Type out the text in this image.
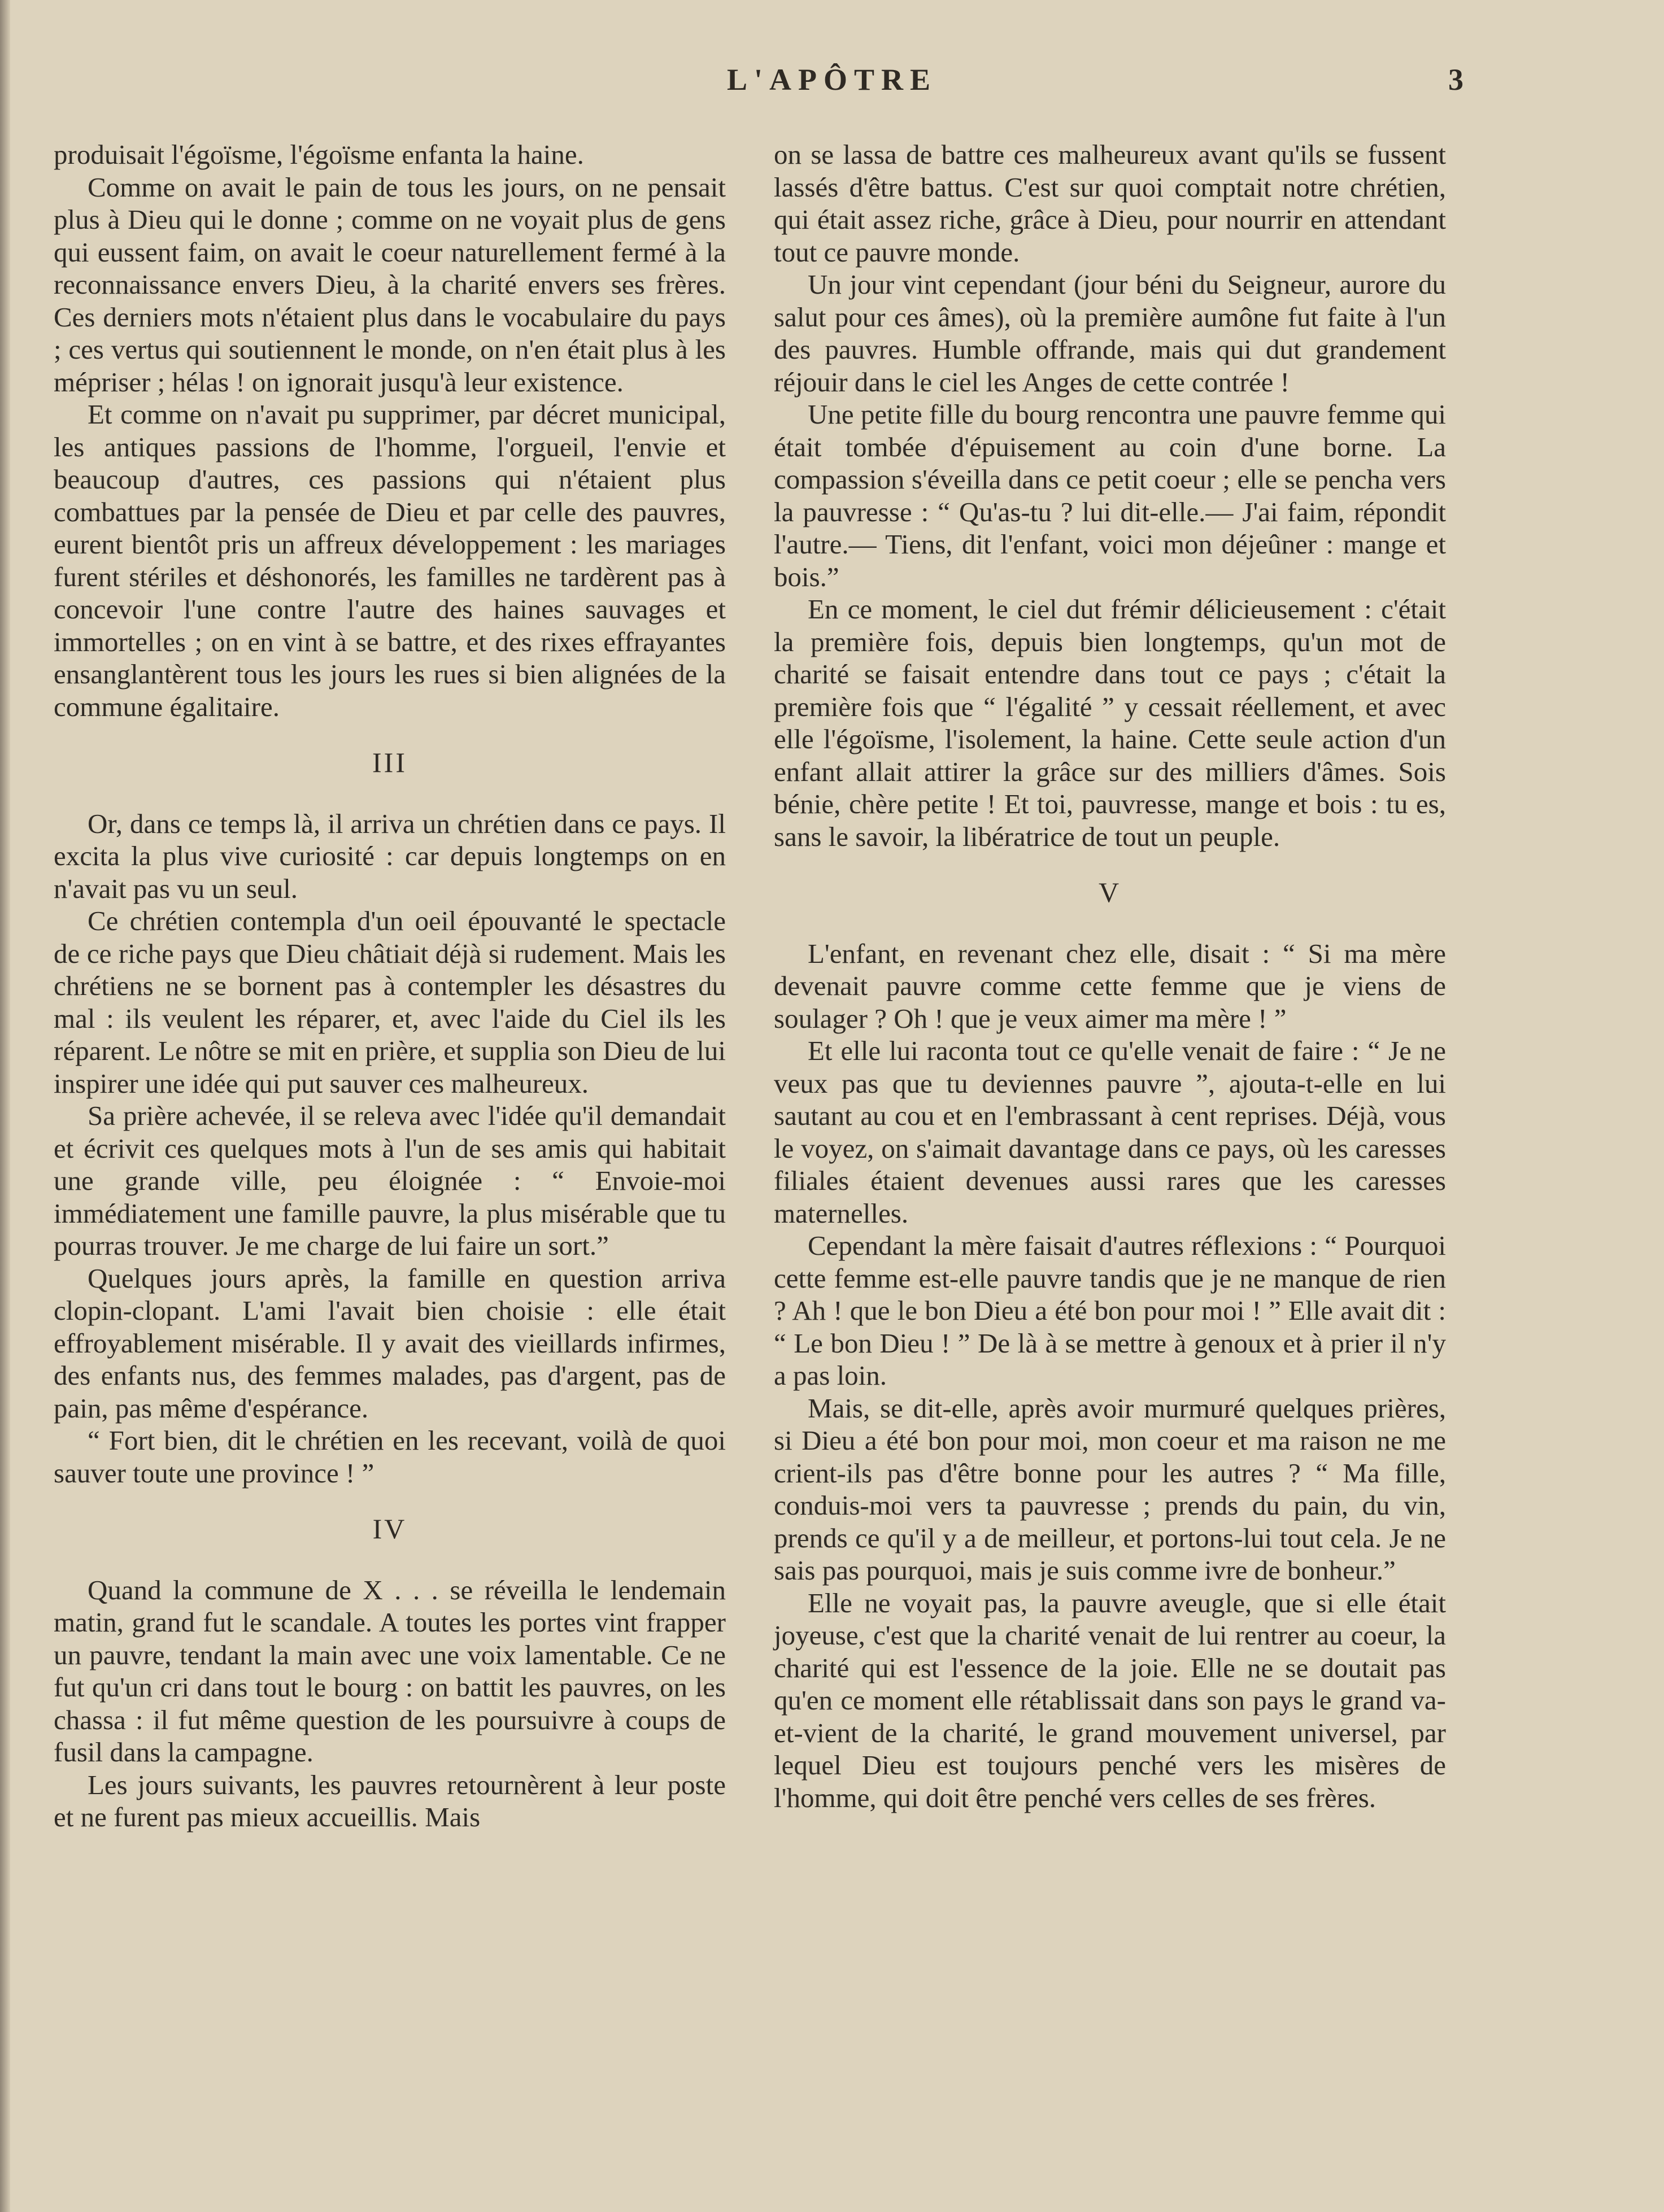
L'APÔTRE	3

produisait l'égoïsme, l'égoïsme enfanta la haine.

Comme on avait le pain de tous les jours, on ne pensait plus à Dieu qui le donne ; comme on ne voyait plus de gens qui eussent faim, on avait le coeur naturellement fermé à la reconnaissance envers Dieu, à la charité envers ses frères. Ces derniers mots n'étaient plus dans le vocabulaire du pays ; ces vertus qui soutiennent le monde, on n'en était plus à les mépriser ; hélas ! on ignorait jusqu'à leur existence.

Et comme on n'avait pu supprimer, par décret municipal, les antiques passions de l'homme, l'orgueil, l'envie et beaucoup d'autres, ces passions qui n'étaient plus combattues par la pensée de Dieu et par celle des pauvres, eurent bientôt pris un affreux développement : les mariages furent stériles et déshonorés, les familles ne tardèrent pas à concevoir l'une contre l'autre des haines sauvages et immortelles ; on en vint à se battre, et des rixes effrayantes ensanglantèrent tous les jours les rues si bien alignées de la commune égalitaire.

III

Or, dans ce temps là, il arriva un chrétien dans ce pays. Il excita la plus vive curiosité : car depuis longtemps on en n'avait pas vu un seul.

Ce chrétien contempla d'un oeil épouvanté le spectacle de ce riche pays que Dieu châtiait déjà si rudement. Mais les chrétiens ne se bornent pas à contempler les désastres du mal : ils veulent les réparer, et, avec l'aide du Ciel ils les réparent. Le nôtre se mit en prière, et supplia son Dieu de lui inspirer une idée qui put sauver ces malheureux.

Sa prière achevée, il se releva avec l'idée qu'il demandait et écrivit ces quelques mots à l'un de ses amis qui habitait une grande ville, peu éloignée : “ Envoie-moi immédiatement une famille pauvre, la plus misérable que tu pourras trouver. Je me charge de lui faire un sort.”

Quelques jours après, la famille en question arriva clopin-clopant. L'ami l'avait bien choisie : elle était effroyablement misérable. Il y avait des vieillards infirmes, des enfants nus, des femmes malades, pas d'argent, pas de pain, pas même d'espérance.

“ Fort bien, dit le chrétien en les recevant, voilà de quoi sauver toute une province ! ”

IV

Quand la commune de X . . . se réveilla le lendemain matin, grand fut le scandale. A toutes les portes vint frapper un pauvre, tendant la main avec une voix lamentable. Ce ne fut qu'un cri dans tout le bourg : on battit les pauvres, on les chassa : il fut même question de les poursuivre à coups de fusil dans la campagne.

Les jours suivants, les pauvres retournèrent à leur poste et ne furent pas mieux accueillis. Mais

on se lassa de battre ces malheureux avant qu'ils se fussent lassés d'être battus. C'est sur quoi comptait notre chrétien, qui était assez riche, grâce à Dieu, pour nourrir en attendant tout ce pauvre monde.

Un jour vint cependant (jour béni du Seigneur, aurore du salut pour ces âmes), où la première aumône fut faite à l'un des pauvres. Humble offrande, mais qui dut grandement réjouir dans le ciel les Anges de cette contrée !

Une petite fille du bourg rencontra une pauvre femme qui était tombée d'épuisement au coin d'une borne. La compassion s'éveilla dans ce petit coeur ; elle se pencha vers la pauvresse : “ Qu'as-tu ? lui dit-elle.— J'ai faim, répondit l'autre.— Tiens, dit l'enfant, voici mon déjeûner : mange et bois.”

En ce moment, le ciel dut frémir délicieusement : c'était la première fois, depuis bien longtemps, qu'un mot de charité se faisait entendre dans tout ce pays ; c'était la première fois que “ l'égalité ” y cessait réellement, et avec elle l'égoïsme, l'isolement, la haine. Cette seule action d'un enfant allait attirer la grâce sur des milliers d'âmes. Sois bénie, chère petite ! Et toi, pauvresse, mange et bois : tu es, sans le savoir, la libératrice de tout un peuple.

V

L'enfant, en revenant chez elle, disait : “ Si ma mère devenait pauvre comme cette femme que je viens de soulager ? Oh ! que je veux aimer ma mère ! ”

Et elle lui raconta tout ce qu'elle venait de faire : “ Je ne veux pas que tu deviennes pauvre ”, ajouta-t-elle en lui sautant au cou et en l'embrassant à cent reprises. Déjà, vous le voyez, on s'aimait davantage dans ce pays, où les caresses filiales étaient devenues aussi rares que les caresses maternelles.

Cependant la mère faisait d'autres réflexions : “ Pourquoi cette femme est-elle pauvre tandis que je ne manque de rien ? Ah ! que le bon Dieu a été bon pour moi ! ” Elle avait dit : “ Le bon Dieu ! ” De là à se mettre à genoux et à prier il n'y a pas loin.

Mais, se dit-elle, après avoir murmuré quelques prières, si Dieu a été bon pour moi, mon coeur et ma raison ne me crient-ils pas d'être bonne pour les autres ? “ Ma fille, conduis-moi vers ta pauvresse ; prends du pain, du vin, prends ce qu'il y a de meilleur, et portons-lui tout cela. Je ne sais pas pourquoi, mais je suis comme ivre de bonheur.”

Elle ne voyait pas, la pauvre aveugle, que si elle était joyeuse, c'est que la charité venait de lui rentrer au coeur, la charité qui est l'essence de la joie. Elle ne se doutait pas qu'en ce moment elle rétablissait dans son pays le grand va-et-vient de la charité, le grand mouvement universel, par lequel Dieu est toujours penché vers les misères de l'homme, qui doit être penché vers celles de ses frères.
